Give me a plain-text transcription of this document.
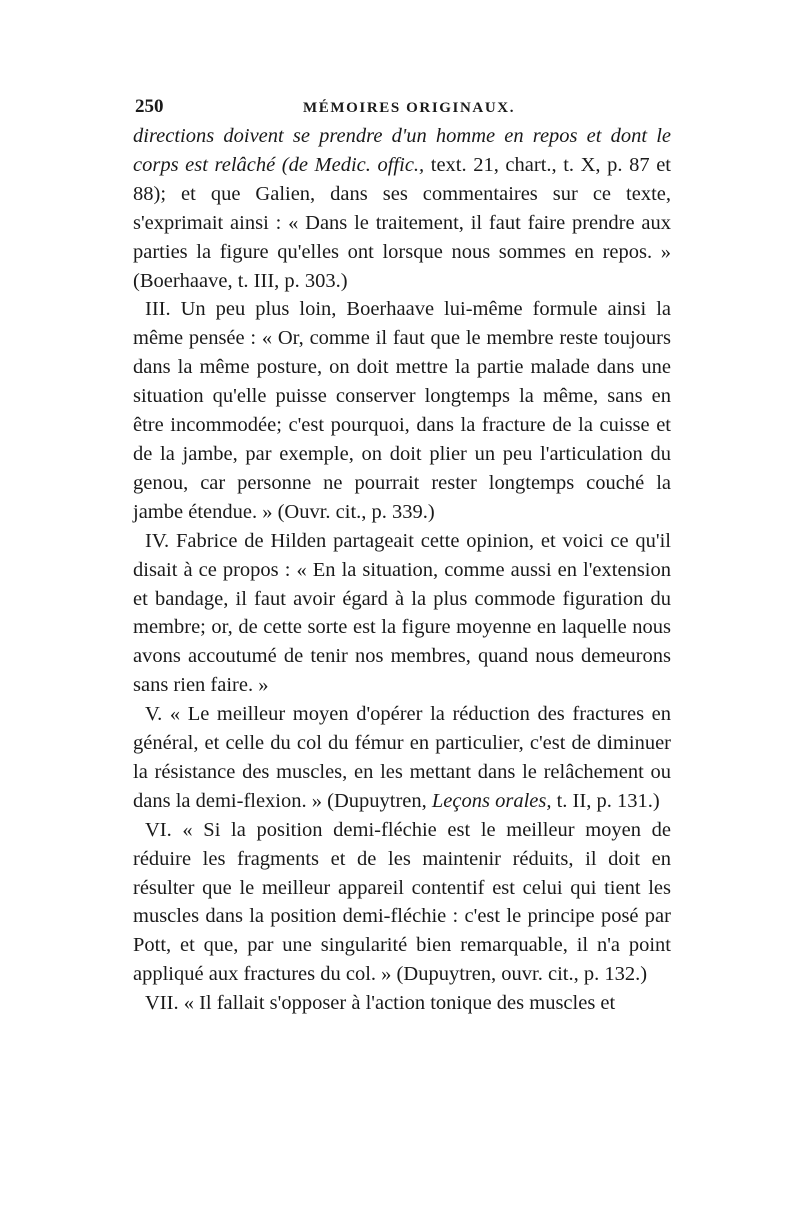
250	MÉMOIRES ORIGINAUX.

directions doivent se prendre d'un homme en repos et dont le corps est relâché (de Medic. offic., text. 21, chart., t. X, p. 87 et 88); et que Galien, dans ses commentaires sur ce texte, s'exprimait ainsi : « Dans le traitement, il faut faire prendre aux parties la figure qu'elles ont lorsque nous sommes en repos. » (Boerhaave, t. III, p. 303.)

III. Un peu plus loin, Boerhaave lui-même formule ainsi la même pensée : « Or, comme il faut que le membre reste toujours dans la même posture, on doit mettre la partie malade dans une situation qu'elle puisse conserver longtemps la même, sans en être incommodée; c'est pourquoi, dans la fracture de la cuisse et de la jambe, par exemple, on doit plier un peu l'articulation du genou, car personne ne pourrait rester longtemps couché la jambe étendue. » (Ouvr. cit., p. 339.)

IV. Fabrice de Hilden partageait cette opinion, et voici ce qu'il disait à ce propos : « En la situation, comme aussi en l'extension et bandage, il faut avoir égard à la plus commode figuration du membre; or, de cette sorte est la figure moyenne en laquelle nous avons accoutumé de tenir nos membres, quand nous demeurons sans rien faire. »

V. « Le meilleur moyen d'opérer la réduction des fractures en général, et celle du col du fémur en particulier, c'est de diminuer la résistance des muscles, en les mettant dans le relâchement ou dans la demi-flexion. » (Dupuytren, Leçons orales, t. II, p. 131.)

VI. « Si la position demi-fléchie est le meilleur moyen de réduire les fragments et de les maintenir réduits, il doit en résulter que le meilleur appareil contentif est celui qui tient les muscles dans la position demi-fléchie : c'est le principe posé par Pott, et que, par une singularité bien remarquable, il n'a point appliqué aux fractures du col. » (Dupuytren, ouvr. cit., p. 132.)

VII. « Il fallait s'opposer à l'action tonique des muscles et
